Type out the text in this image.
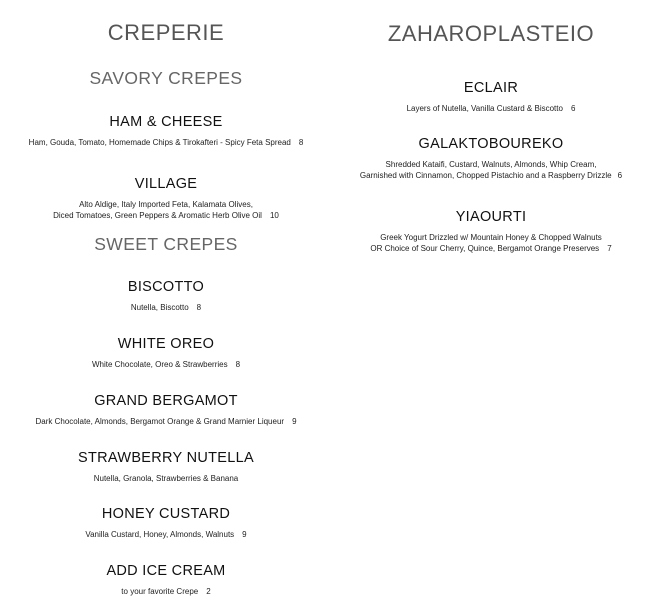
CREPERIE
SAVORY CREPES
HAM & CHEESE
Ham, Gouda, Tomato, Homemade Chips & Tirokafteri - Spicy Feta Spread 8
VILLAGE
Alto Aldige, Italy Imported Feta, Kalamata Olives,
Diced Tomatoes, Green Peppers & Aromatic Herb Olive Oil 10
SWEET CREPES
BISCOTTO
Nutella, Biscotto 8
WHITE OREO
White Chocolate, Oreo & Strawberries 8
GRAND BERGAMOT
Dark Chocolate, Almonds, Bergamot Orange & Grand Marnier Liqueur 9
STRAWBERRY NUTELLA
Nutella, Granola, Strawberries & Banana
HONEY CUSTARD
Vanilla Custard, Honey, Almonds, Walnuts 9
ADD ICE CREAM
to your favorite Crepe 2
ZAHAROPLASTEIO
ECLAIR
Layers of Nutella, Vanilla Custard & Biscotto 6
GALAKTOBOUREKO
Shredded Kataifi, Custard, Walnuts, Almonds, Whip Cream,
Garnished with Cinnamon, Chopped Pistachio and a Raspberry Drizzle 6
YIAOURTI
Greek Yogurt Drizzled w/ Mountain Honey & Chopped Walnuts
OR Choice of Sour Cherry, Quince, Bergamot Orange Preserves 7
